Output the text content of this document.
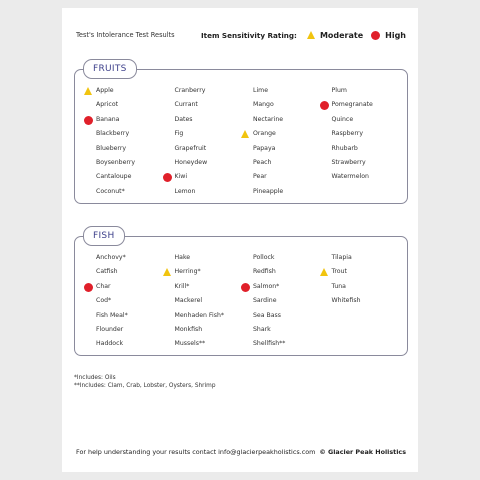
Test's Intolerance Test Results	Item Sensitivity Rating:	Moderate	High
FRUITS
Apple
Apricot
Banana
Blackberry
Blueberry
Boysenberry
Cantaloupe
Coconut*
Cranberry
Currant
Dates
Fig
Grapefruit
Honeydew
Kiwi
Lemon
Lime
Mango
Nectarine
Orange
Papaya
Peach
Pear
Pineapple
Plum
Pomegranate
Quince
Raspberry
Rhubarb
Strawberry
Watermelon
FISH
Anchovy*
Catfish
Char
Cod*
Fish Meal*
Flounder
Haddock
Hake
Herring*
Krill*
Mackerel
Menhaden Fish*
Monkfish
Mussels**
Pollock
Redfish
Salmon*
Sardine
Sea Bass
Shark
Shellfish**
Tilapia
Trout
Tuna
Whitefish
*Includes: Oils
**Includes: Clam, Crab, Lobster, Oysters, Shrimp
For help understanding your results contact info@glacierpeakholistics.com © Glacier Peak Holistics
